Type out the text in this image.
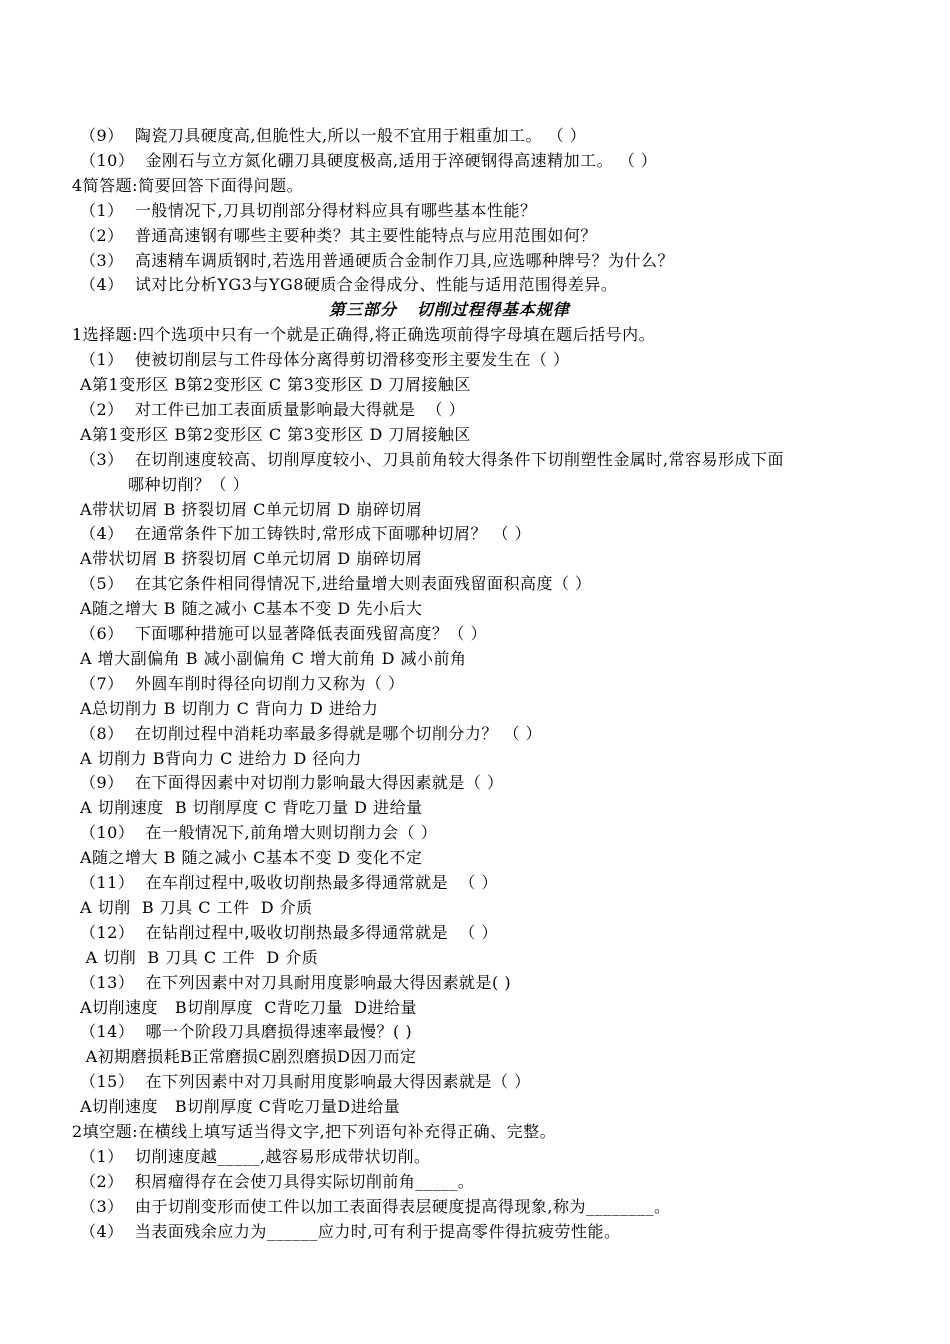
（9）  陶瓷刀具硬度高,但脆性大,所以一般不宜用于粗重加工。 （ ）
（10）  金刚石与立方氮化硼刀具硬度极高,适用于淬硬钢得高速精加工。 （ ）
4简答题:简要回答下面得问题。
（1）  一般情况下,刀具切削部分得材料应具有哪些基本性能？
（2）  普通高速钢有哪些主要种类？其主要性能特点与应用范围如何？
（3）  高速精车调质钢时,若选用普通硬质合金制作刀具,应选哪种牌号？为什么？
（4）  试对比分析YG3与YG8硬质合金得成分、性能与适用范围得差异。
第三部分   切削过程得基本规律
1选择题:四个选项中只有一个就是正确得,将正确选项前得字母填在题后括号内。
（1）  使被切削层与工件母体分离得剪切滑移变形主要发生在（ ）
A第1变形区 B第2变形区 C 第3变形区 D 刀屑接触区
（2）  对工件已加工表面质量影响最大得就是  （ ）
A第1变形区 B第2变形区 C 第3变形区 D 刀屑接触区
（3）  在切削速度较高、切削厚度较小、刀具前角较大得条件下切削塑性金属时,常容易形成下面
哪种切削？（ ）
A带状切屑 B 挤裂切屑 C单元切屑 D 崩碎切屑
（4）  在通常条件下加工铸铁时,常形成下面哪种切屑？ （ ）
A带状切屑 B 挤裂切屑 C单元切屑 D 崩碎切屑
（5）  在其它条件相同得情况下,进给量增大则表面残留面积高度（ ）
A随之增大 B 随之减小 C基本不变 D 先小后大
（6）  下面哪种措施可以显著降低表面残留高度？（ ）
A 增大副偏角 B 减小副偏角 C 增大前角 D 减小前角
（7）  外圆车削时得径向切削力又称为（ ）
A总切削力 B 切削力 C 背向力 D 进给力
（8）  在切削过程中消耗功率最多得就是哪个切削分力？ （ ）
A 切削力 B背向力 C 进给力 D 径向力
（9）  在下面得因素中对切削力影响最大得因素就是（ ）
A 切削速度  B 切削厚度 C 背吃刀量 D 进给量
（10）  在一般情况下,前角增大则切削力会（ ）
A随之增大 B 随之减小 C基本不变 D 变化不定
（11）  在车削过程中,吸收切削热最多得通常就是  （ ）
A 切削  B 刀具 C 工件  D 介质
（12）  在钻削过程中,吸收切削热最多得通常就是  （ ）
A 切削  B 刀具 C 工件  D 介质
（13）  在下列因素中对刀具耐用度影响最大得因素就是( )
A切削速度   B切削厚度  C背吃刀量  D进给量
（14）  哪一个阶段刀具磨损得速率最慢？( )
A初期磨损耗B正常磨损C剧烈磨损D因刀而定
（15）  在下列因素中对刀具耐用度影响最大得因素就是（ ）
A切削速度   B切削厚度 C背吃刀量D进给量
2填空题:在横线上填写适当得文字,把下列语句补充得正确、完整。
（1）  切削速度越_____,越容易形成带状切削。
（2）  积屑瘤得存在会使刀具得实际切削前角_____。
（3）  由于切削变形而使工件以加工表面得表层硬度提高得现象,称为________。
（4）  当表面残余应力为______应力时,可有利于提高零件得抗疲劳性能。
